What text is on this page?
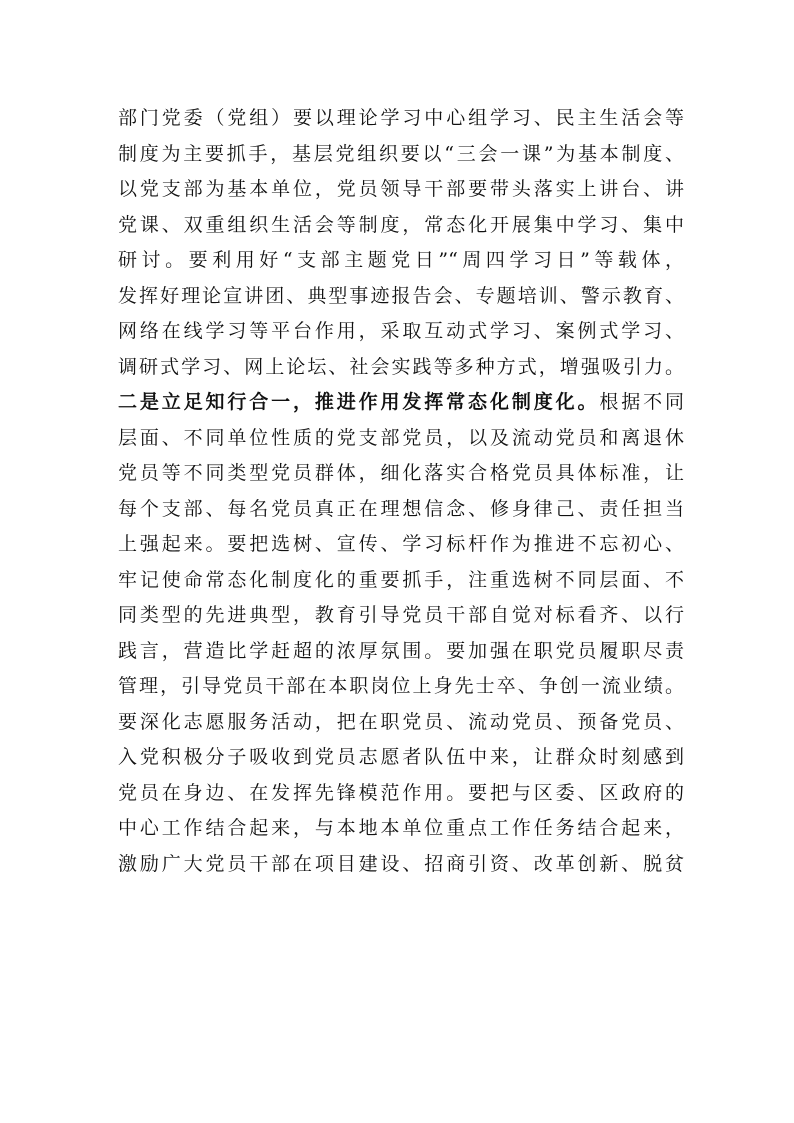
部门党委（党组）要以理论学习中心组学习、民主生活会等
制度为主要抓手，基层党组织要以“三会一课”为基本制度、
以党支部为基本单位，党员领导干部要带头落实上讲台、讲
党课、双重组织生活会等制度，常态化开展集中学习、集中
研讨。要利用好“支部主题党日”“周四学习日”等载体，
发挥好理论宣讲团、典型事迹报告会、专题培训、警示教育、
网络在线学习等平台作用，采取互动式学习、案例式学习、
调研式学习、网上论坛、社会实践等多种方式，增强吸引力。
二是立足知行合一，推进作用发挥常态化制度化。根据不同
层面、不同单位性质的党支部党员，以及流动党员和离退休
党员等不同类型党员群体，细化落实合格党员具体标准，让
每个支部、每名党员真正在理想信念、修身律己、责任担当
上强起来。要把选树、宣传、学习标杆作为推进不忘初心、
牢记使命常态化制度化的重要抓手，注重选树不同层面、不
同类型的先进典型，教育引导党员干部自觉对标看齐、以行
践言，营造比学赶超的浓厚氛围。要加强在职党员履职尽责
管理，引导党员干部在本职岗位上身先士卒、争创一流业绩。
要深化志愿服务活动，把在职党员、流动党员、预备党员、
入党积极分子吸收到党员志愿者队伍中来，让群众时刻感到
党员在身边、在发挥先锋模范作用。要把与区委、区政府的
中心工作结合起来，与本地本单位重点工作任务结合起来，
激励广大党员干部在项目建设、招商引资、改革创新、脱贫
